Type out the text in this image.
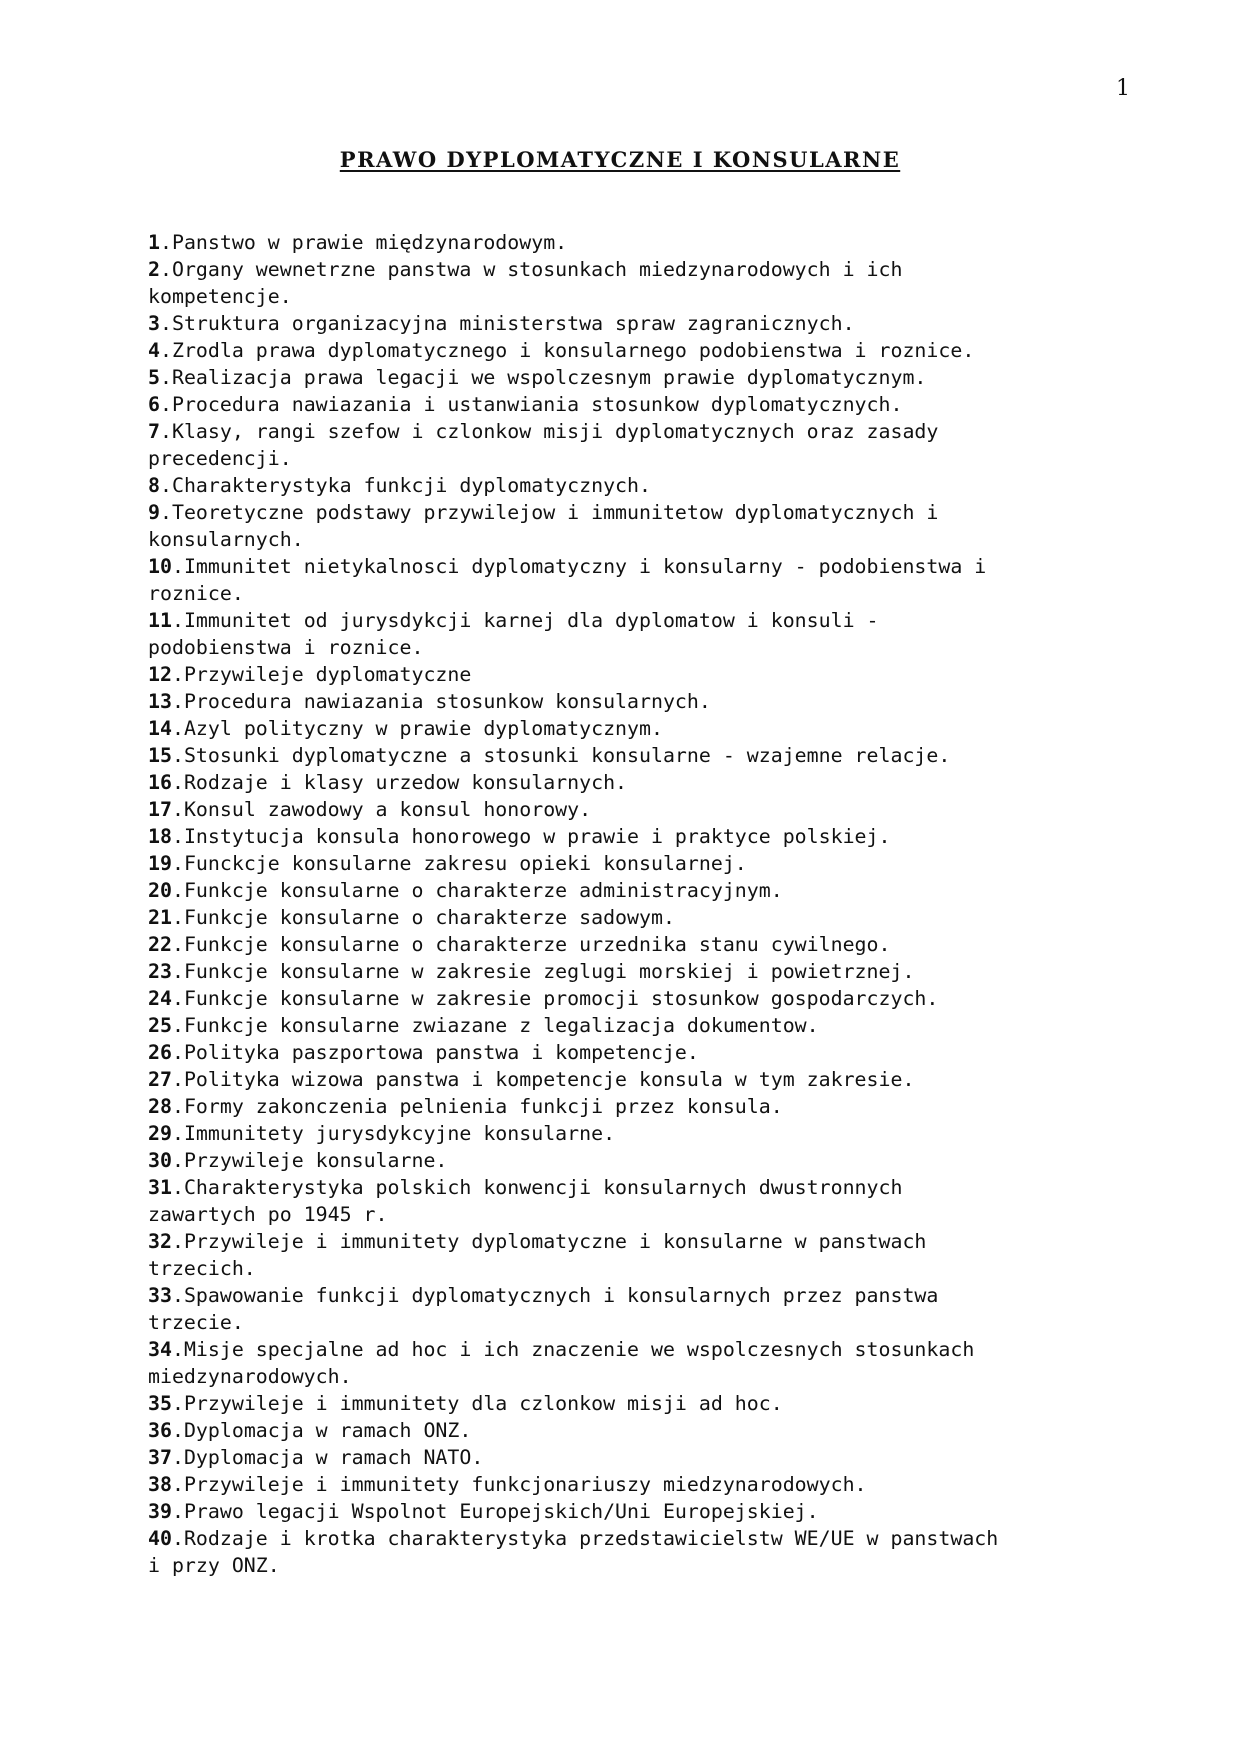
1
PRAWO DYPLOMATYCZNE I KONSULARNE
1.Panstwo w prawie międzynarodowym.
2.Organy wewnetrzne panstwa w stosunkach miedzynarodowych i ich
kompetencje.
3.Struktura organizacyjna ministerstwa spraw zagranicznych.
4.Zrodla prawa dyplomatycznego i konsularnego podobienstwa i roznice.
5.Realizacja prawa legacji we wspolczesnym prawie dyplomatycznym.
6.Procedura nawiazania i ustanwiania stosunkow dyplomatycznych.
7.Klasy, rangi szefow i czlonkow misji dyplomatycznych oraz zasady
precedencji.
8.Charakterystyka funkcji dyplomatycznych.
9.Teoretyczne podstawy przywilejow i immunitetow dyplomatycznych i
konsularnych.
10.Immunitet nietykalnosci dyplomatyczny i konsularny - podobienstwa i
roznice.
11.Immunitet od jurysdykcji karnej dla dyplomatow i konsuli -
podobienstwa i roznice.
12.Przywileje dyplomatyczne
13.Procedura nawiazania stosunkow konsularnych.
14.Azyl polityczny w prawie dyplomatycznym.
15.Stosunki dyplomatyczne a stosunki konsularne - wzajemne relacje.
16.Rodzaje i klasy urzedow konsularnych.
17.Konsul zawodowy a konsul honorowy.
18.Instytucja konsula honorowego w prawie i praktyce polskiej.
19.Funckcje konsularne zakresu opieki konsularnej.
20.Funkcje konsularne o charakterze administracyjnym.
21.Funkcje konsularne o charakterze sadowym.
22.Funkcje konsularne o charakterze urzednika stanu cywilnego.
23.Funkcje konsularne w zakresie zeglugi morskiej i powietrznej.
24.Funkcje konsularne w zakresie promocji stosunkow gospodarczych.
25.Funkcje konsularne zwiazane z legalizacja dokumentow.
26.Polityka paszportowa panstwa i kompetencje.
27.Polityka wizowa panstwa i kompetencje konsula w tym zakresie.
28.Formy zakonczenia pelnienia funkcji przez konsula.
29.Immunitety jurysdykcyjne konsularne.
30.Przywileje konsularne.
31.Charakterystyka polskich konwencji konsularnych dwustronnych
zawartych po 1945 r.
32.Przywileje i immunitety dyplomatyczne i konsularne w panstwach
trzecich.
33.Spawowanie funkcji dyplomatycznych i konsularnych przez panstwa
trzecie.
34.Misje specjalne ad hoc i ich znaczenie we wspolczesnych stosunkach
miedzynarodowych.
35.Przywileje i immunitety dla czlonkow misji ad hoc.
36.Dyplomacja w ramach ONZ.
37.Dyplomacja w ramach NATO.
38.Przywileje i immunitety funkcjonariuszy miedzynarodowych.
39.Prawo legacji Wspolnot Europejskich/Uni Europejskiej.
40.Rodzaje i krotka charakterystyka przedstawicielstw WE/UE w panstwach
i przy ONZ.
